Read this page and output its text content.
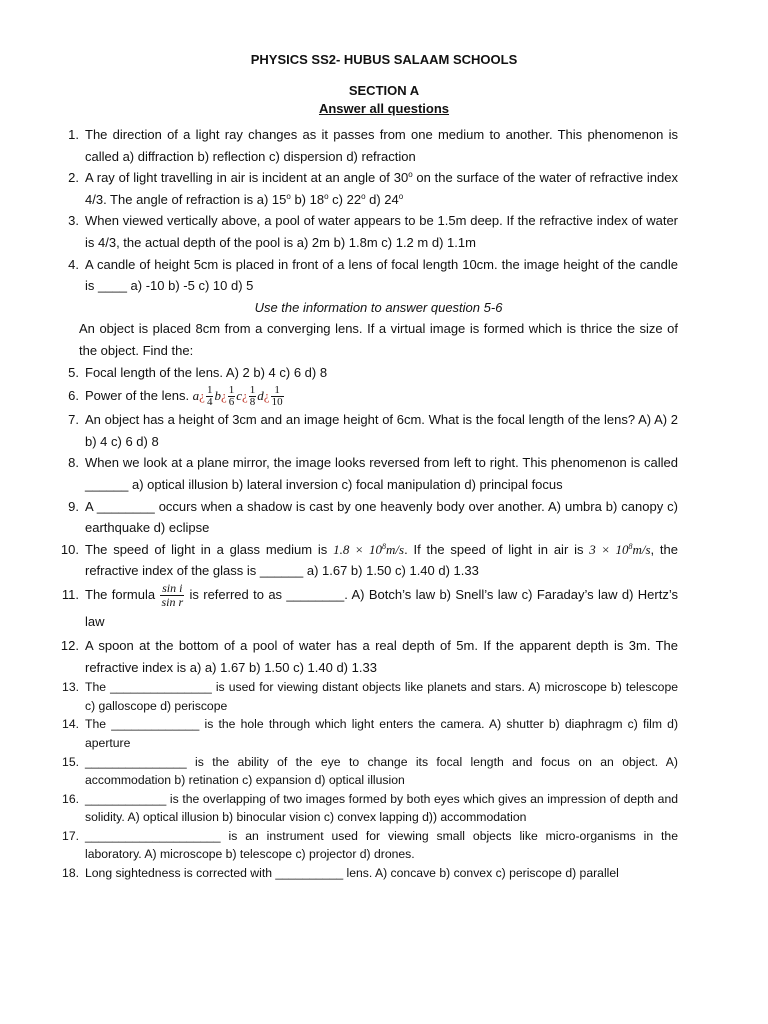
PHYSICS SS2- HUBUS SALAAM SCHOOLS
SECTION A
Answer all questions
1. The direction of a light ray changes as it passes from one medium to another. This phenomenon is called a) diffraction b) reflection c) dispersion d) refraction
2. A ray of light travelling in air is incident at an angle of 30$^o$ on the surface of the water of refractive index 4/3. The angle of refraction is a) 15$^o$ b) 18$^o$ c) 22$^o$ d) 24$^o$
3. When viewed vertically above, a pool of water appears to be 1.5m deep. If the refractive index of water is 4/3, the actual depth of the pool is a) 2m b) 1.8m c) 1.2 m d) 1.1m
4. A candle of height 5cm is placed in front of a lens of focal length 10cm. the image height of the candle is ____ a) -10 b) -5 c) 10 d) 5
Use the information to answer question 5-6
An object is placed 8cm from a converging lens. If a virtual image is formed which is thrice the size of the object. Find the:
5. Focal length of the lens. A) 2 b) 4 c) 6 d) 8
6. Power of the lens. a¿ $\frac{1}{4}$ b¿ $\frac{1}{6}$ c¿ $\frac{1}{8}$ d¿ $\frac{1}{10}$
7. An object has a height of 3cm and an image height of 6cm. What is the focal length of the lens? A) A) 2 b) 4 c) 6 d) 8
8. When we look at a plane mirror, the image looks reversed from left to right. This phenomenon is called ______ a) optical illusion b) lateral inversion c) focal manipulation d) principal focus
9. A ________ occurs when a shadow is cast by one heavenly body over another. A) umbra b) canopy c) earthquake d) eclipse
10. The speed of light in a glass medium is $1.8 \times 10^8m/s$. If the speed of light in air is $3 \times 10^8m/s$, the refractive index of the glass is ______ a) 1.67 b) 1.50 c) 1.40 d) 1.33
11. The formula $\frac{\text{sin i}}{\text{sin r}}$ is referred to as ________. A) Botch’s law b) Snell’s law c) Faraday’s law d) Hertz’s law
12. A spoon at the bottom of a pool of water has a real depth of 5m. If the apparent depth is 3m. The refractive index is a) a) 1.67 b) 1.50 c) 1.40 d) 1.33
13. The _______________ is used for viewing distant objects like planets and stars. A) microscope b) telescope c) galloscope d) periscope
14. The _____________ is the hole through which light enters the camera. A) shutter b) diaphragm c) film d) aperture
15. _______________ is the ability of the eye to change its focal length and focus on an object. A) accommodation b) retination c) expansion d) optical illusion
16. ____________ is the overlapping of two images formed by both eyes which gives an impression of depth and solidity. A) optical illusion b) binocular vision c) convex lapping d)) accommodation
17. ____________________ is an instrument used for viewing small objects like micro-organisms in the laboratory. A) microscope b) telescope c) projector d) drones.
18. Long sightedness is corrected with __________ lens. A) concave b) convex c) periscope d) parallel
